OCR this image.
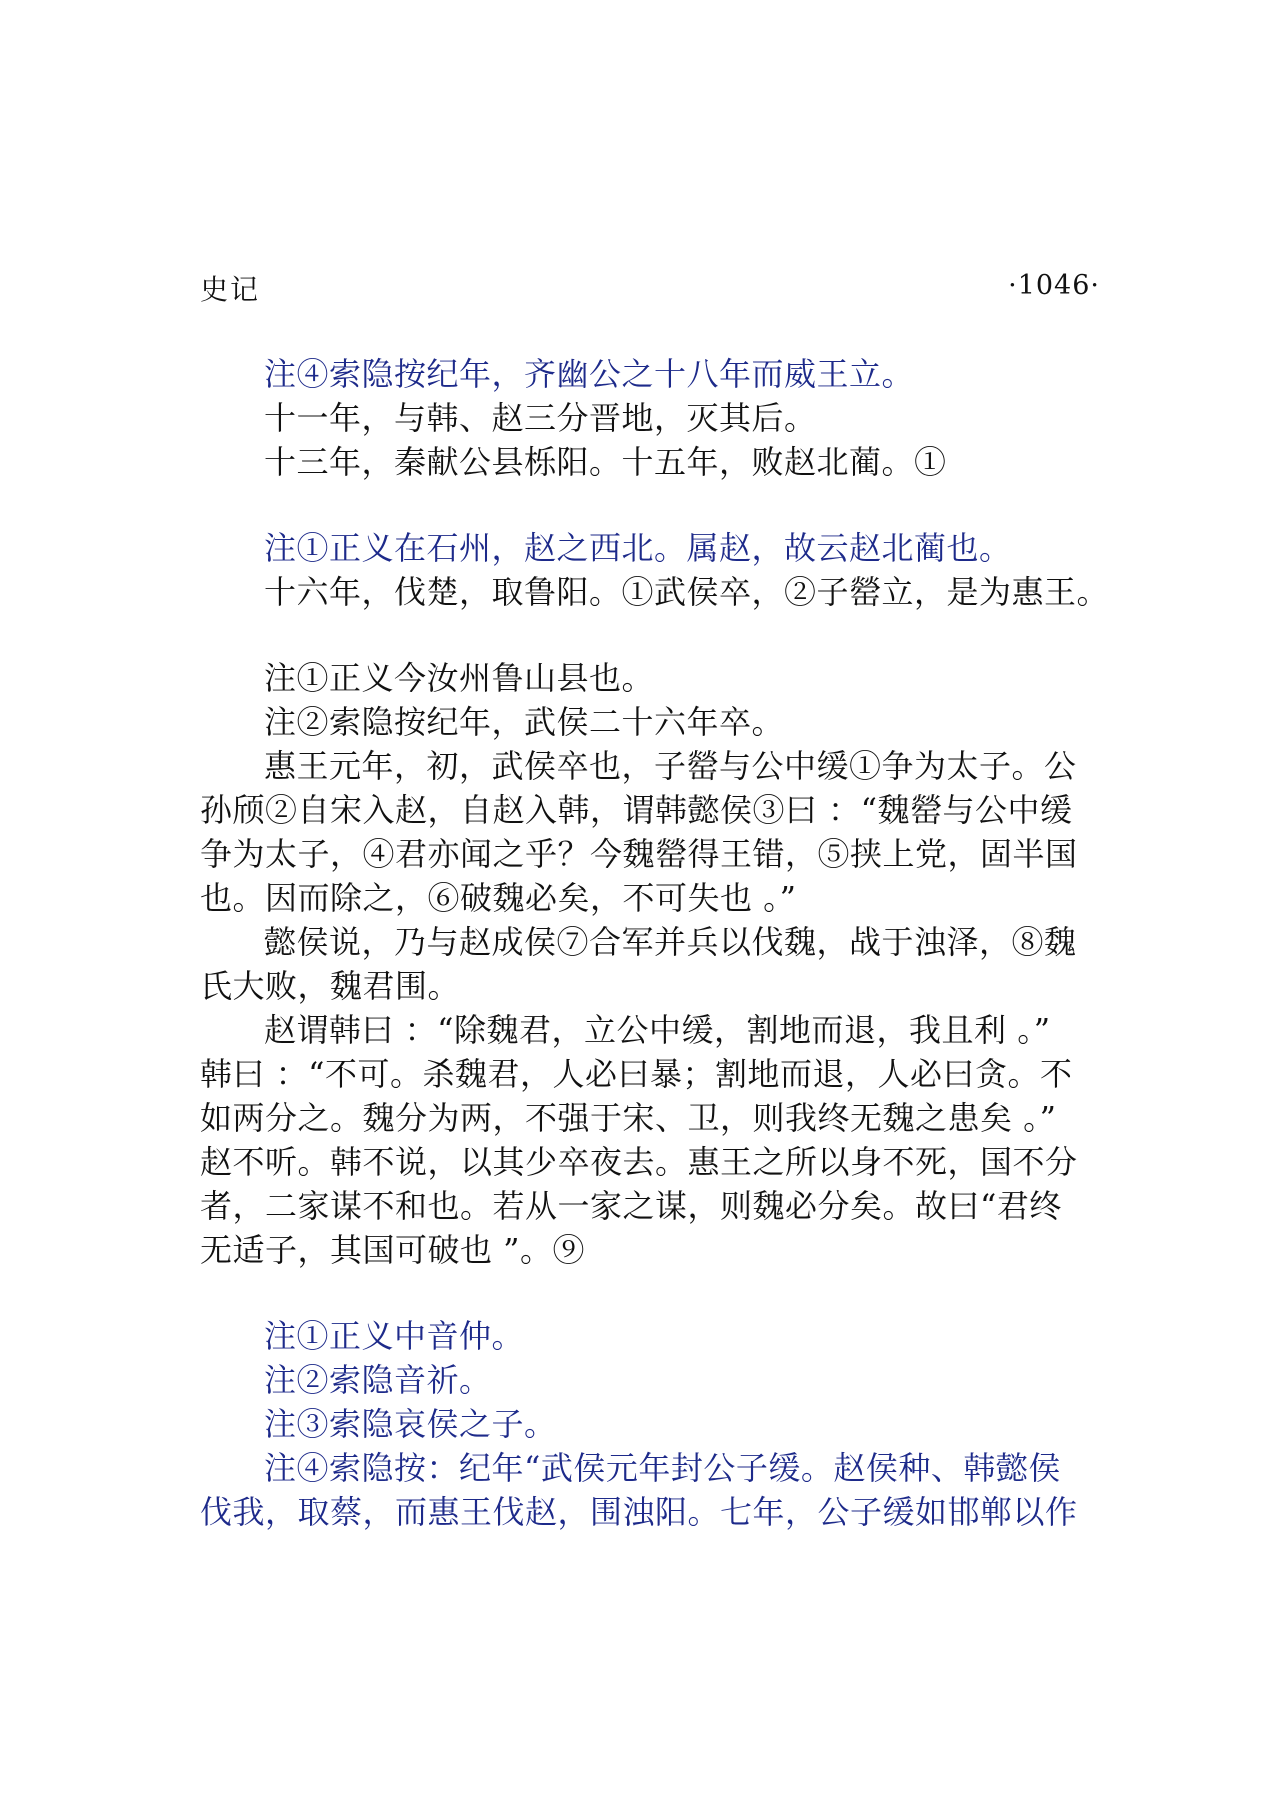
史记	·1046·
注④索隐按纪年，齐幽公之十八年而威王立。
十一年，与韩、赵三分晋地，灭其后。
十三年，秦献公县栎阳。十五年，败赵北蔺。①
注①正义在石州，赵之西北。属赵，故云赵北蔺也。
十六年，伐楚，取鲁阳。①武侯卒，②子罃立，是为惠王。
注①正义今汝州鲁山县也。
注②索隐按纪年，武侯二十六年卒。
惠王元年，初，武侯卒也，子罃与公中缓①争为太子。公
孙颀②自宋入赵，自赵入韩，谓韩懿侯③曰 ：“魏罃与公中缓
争为太子，④君亦闻之乎？今魏罃得王错，⑤挟上党，固半国
也。因而除之，⑥破魏必矣，不可失也 。”
懿侯说，乃与赵成侯⑦合军并兵以伐魏，战于浊泽，⑧魏
氏大败，魏君围。
赵谓韩曰 ：“除魏君，立公中缓，割地而退，我且利 。”
韩曰 ：“不可。杀魏君，人必曰暴；割地而退，人必曰贪。不
如两分之。魏分为两，不强于宋、卫，则我终无魏之患矣 。”
赵不听。韩不说，以其少卒夜去。惠王之所以身不死，国不分
者，二家谋不和也。若从一家之谋，则魏必分矣。故曰“君终
无适子，其国可破也 ”。⑨
注①正义中音仲。
注②索隐音祈。
注③索隐哀侯之子。
注④索隐按：纪年“武侯元年封公子缓。赵侯种、韩懿侯
伐我，取蔡，而惠王伐赵，围浊阳。七年，公子缓如邯郸以作
